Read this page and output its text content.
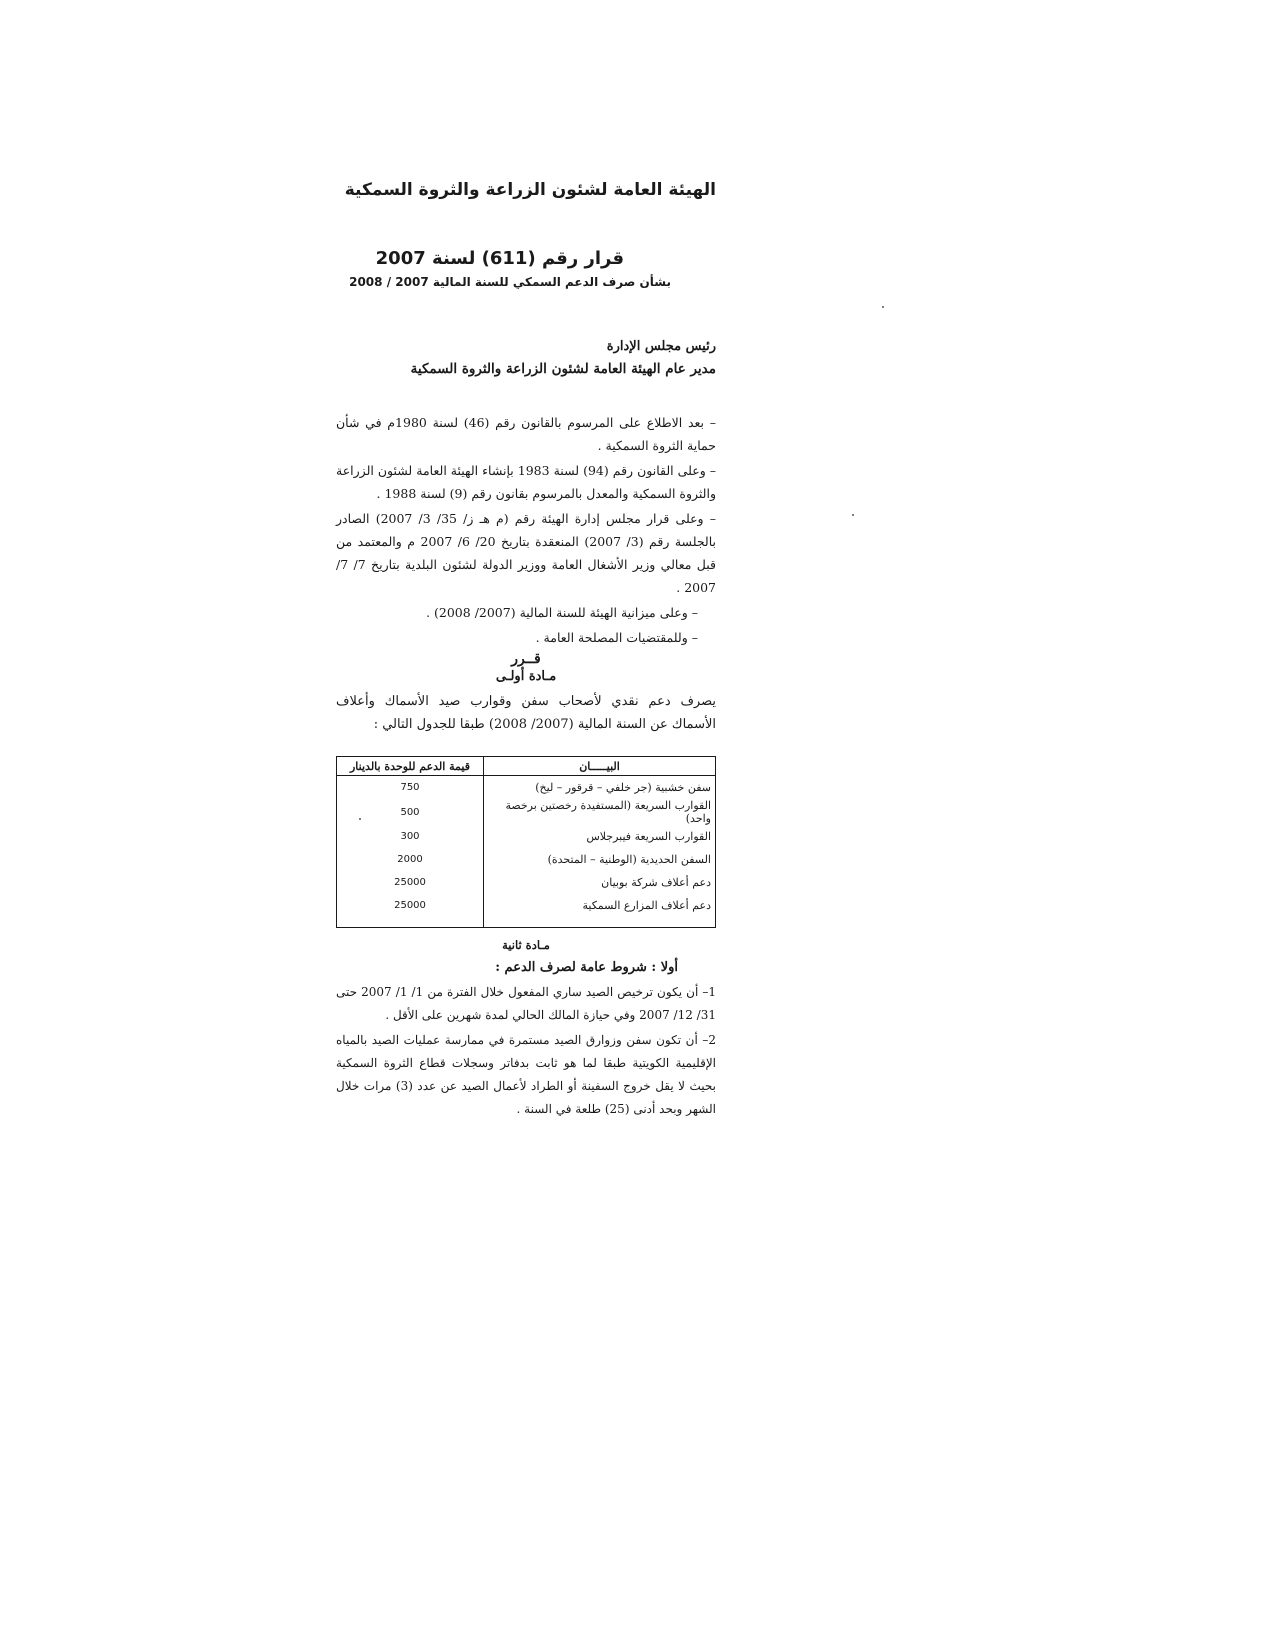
الهيئة العامة لشئون الزراعة والثروة السمكية
قرار رقم (611) لسنة 2007
بشأن صرف الدعم السمكي للسنة المالية 2007 / 2008
رئيس مجلس الإدارة
مدير عام الهيئة العامة لشئون الزراعة والثروة السمكية

– بعد الاطلاع على المرسوم بالقانون رقم (46) لسنة 1980م في شأن حماية الثروة السمكية .

– وعلى القانون رقم (94) لسنة 1983 بإنشاء الهيئة العامة لشئون الزراعة والثروة السمكية والمعدل بالمرسوم بقانون رقم (9) لسنة 1988 .

– وعلى قرار مجلس إدارة الهيئة رقم (م هـ ز/ 35/ 3/ 2007) الصادر بالجلسة رقم (3/ 2007) المنعقدة بتاريخ 20/ 6/ 2007 م والمعتمد من قبل معالي وزير الأشغال العامة ووزير الدولة لشئون البلدية بتاريخ 7/ 7/ 2007 .

– وعلى ميزانية الهيئة للسنة المالية (2007/ 2008) .

– وللمقتضيات المصلحة العامة .

قــرر
مـادة أولـى
يصرف دعم نقدي لأصحاب سفن وقوارب صيد الأسماك وأعلاف الأسماك عن السنة المالية (2007/ 2008) طبقا للجدول التالي :
البيـــــان	قيمة الدعم للوحدة بالدينار
سفن خشبية (جر خلفي – قرقور – ليخ)	750
القوارب السريعة (المستفيدة رخصتين برخصة واحد)	500
القوارب السريعة فيبرجلاس	300
السفن الحديدية (الوطنية – المتحدة)	2000
دعم أعلاف شركة بوبيان	25000
دعم أعلاف المزارع السمكية	25000
مـادة ثانية
أولا : شروط عامة لصرف الدعم :

1– أن يكون ترخيص الصيد ساري المفعول خلال الفترة من 1/ 1/ 2007 حتى 31/ 12/ 2007 وفي حيازة المالك الحالي لمدة شهرين على الأقل .

2– أن تكون سفن وزوارق الصيد مستمرة في ممارسة عمليات الصيد بالمياه الإقليمية الكويتية طبقا لما هو ثابت بدفاتر وسجلات قطاع الثروة السمكية بحيث لا يقل خروج السفينة أو الطراد لأعمال الصيد عن عدد (3) مرات خلال الشهر وبحد أدنى (25) طلعة في السنة .
